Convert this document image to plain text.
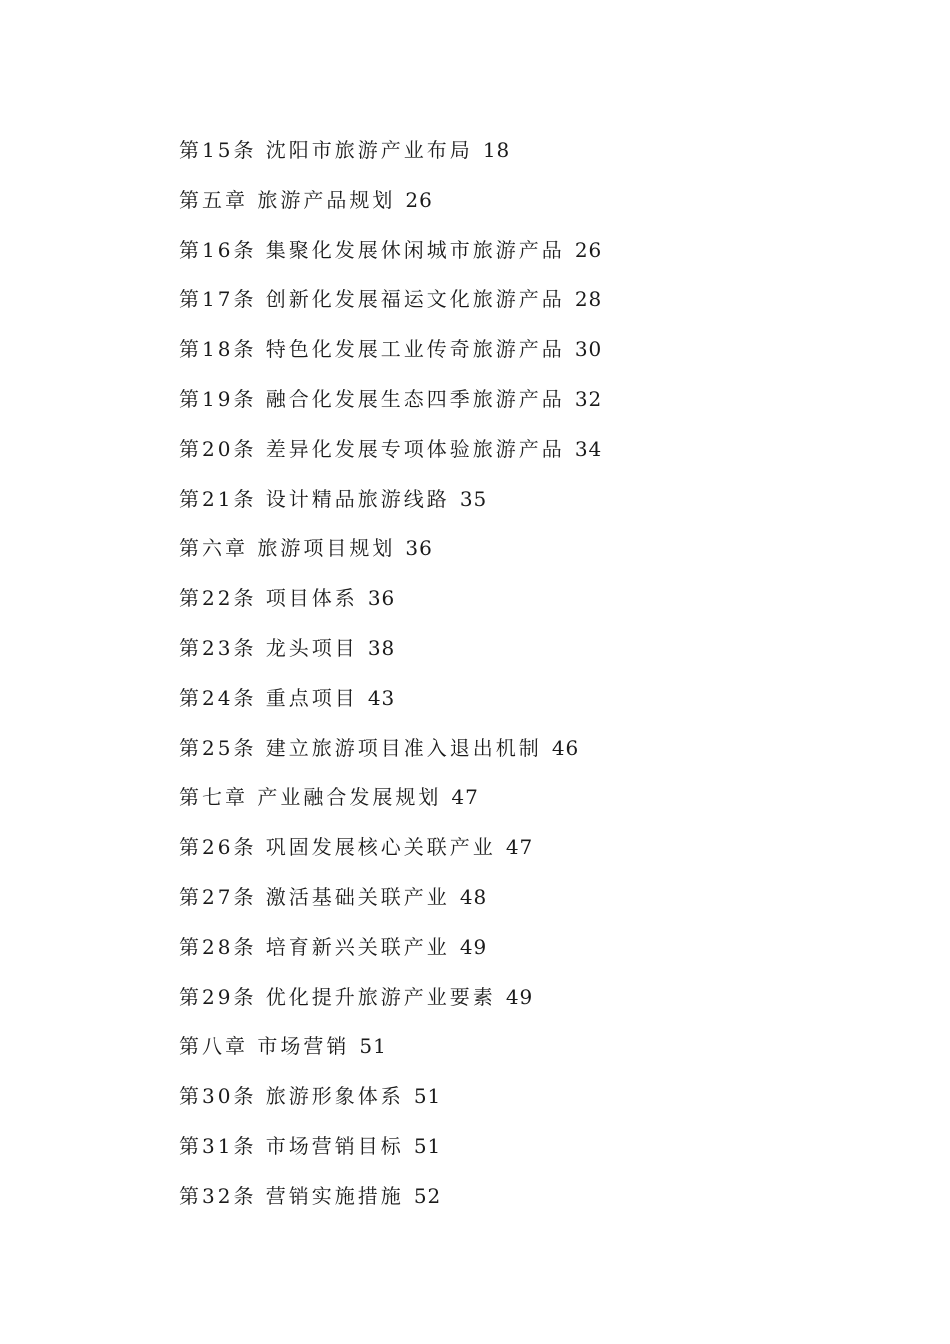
第15条 沈阳市旅游产业布局 18
第五章 旅游产品规划 26
第16条 集聚化发展休闲城市旅游产品 26
第17条 创新化发展福运文化旅游产品 28
第18条 特色化发展工业传奇旅游产品 30
第19条 融合化发展生态四季旅游产品 32
第20条 差异化发展专项体验旅游产品 34
第21条 设计精品旅游线路 35
第六章 旅游项目规划 36
第22条 项目体系 36
第23条 龙头项目 38
第24条 重点项目 43
第25条 建立旅游项目准入退出机制 46
第七章 产业融合发展规划 47
第26条 巩固发展核心关联产业 47
第27条 激活基础关联产业 48
第28条 培育新兴关联产业 49
第29条 优化提升旅游产业要素 49
第八章 市场营销 51
第30条 旅游形象体系 51
第31条 市场营销目标 51
第32条 营销实施措施 52
